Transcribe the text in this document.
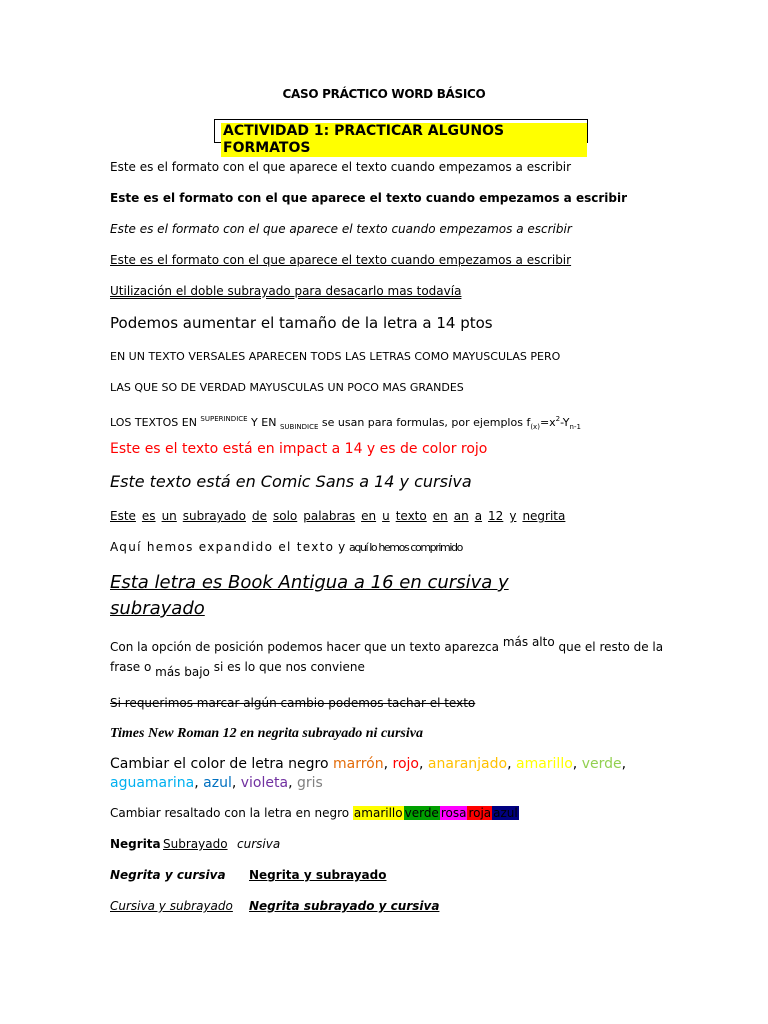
CASO PRÁCTICO WORD BÁSICO
ACTIVIDAD 1: PRACTICAR ALGUNOS FORMATOS
Este es el formato con el que aparece el texto cuando empezamos a escribir
Este es el formato con el que aparece el texto cuando empezamos a escribir
Este es el formato con el que aparece el texto cuando empezamos a escribir
Este es el formato con el que aparece el texto cuando empezamos a escribir
Utilización el doble subrayado para desacarlo mas todavía
Podemos aumentar el tamaño de la letra a 14 ptos
EN UN TEXTO VERSALES APARECEN TODS LAS LETRAS COMO MAYUSCULAS PERO
LAS QUE SO DE VERDAD MAYUSCULAS UN POCO MAS GRANDES
LOS TEXTOS EN $^{SUPERINDICE}$ Y EN $_{SUBINDICE}$ se usan para formulas, por ejemplos $f_{(x)}=x^2-Y_{n-1}$
Este es el texto está en impact a 14 y es de color rojo
Este texto está en Comic Sans a 14 y cursiva
Este es un subrayado de solo palabras en u texto en an a 12 y negrita
Aquí hemos expandido el texto y aquí lo hemos comprimido
Esta letra es Book Antigua a 16 en cursiva y subrayado
Con la opción de posición podemos hacer que un texto aparezca más alto que el resto de la
frase o más bajo si es lo que nos conviene
Si requerimos marcar algún cambio podemos tachar el texto
Times New Roman 12 en negrita subrayado ni cursiva
Cambiar el color de letra negro marrón, rojo, anaranjado, amarillo, verde, aguamarina, azul, violeta, gris
Cambiar resaltado con la letra en negro amarillo verde rosa roja azul
Negrita Subrayado cursiva
Negrita y cursiva Negrita y subrayado
Cursiva y subrayado Negrita subrayado y cursiva
